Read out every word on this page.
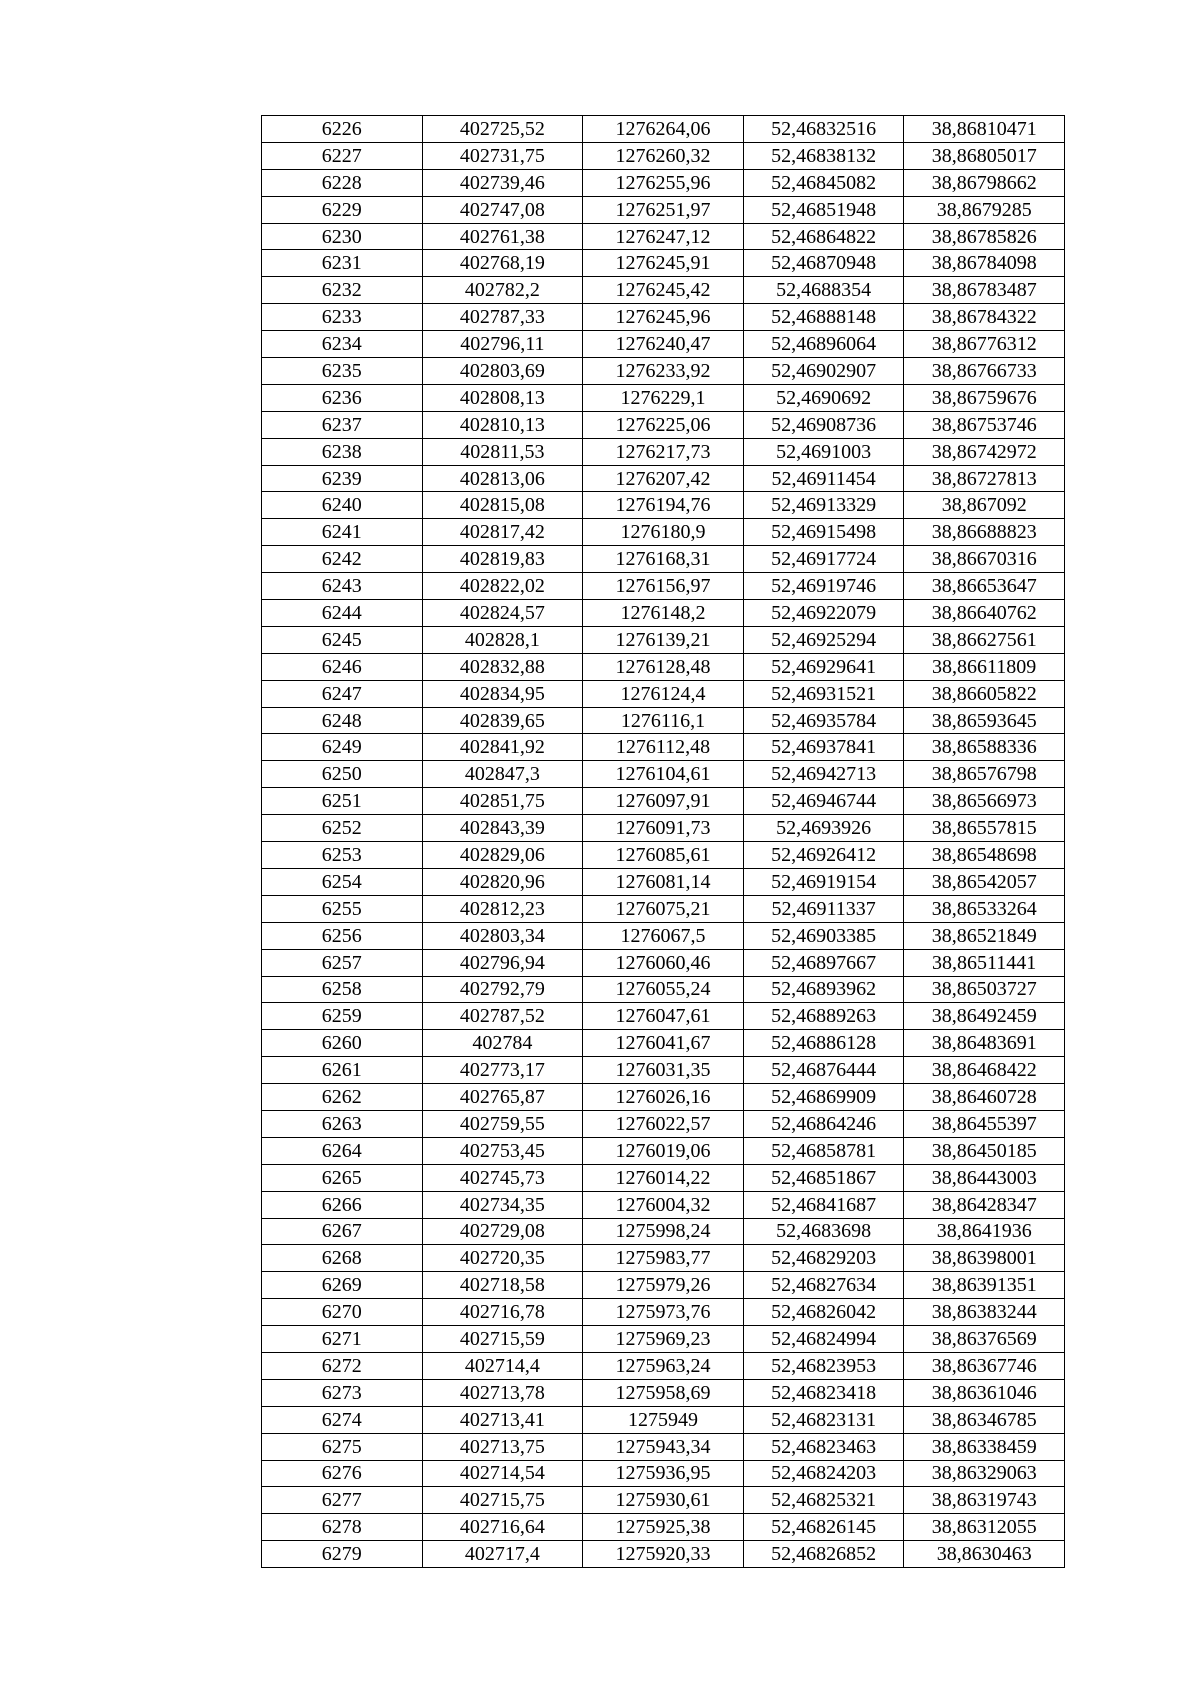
6226	402725,52	1276264,06	52,46832516	38,86810471
6227	402731,75	1276260,32	52,46838132	38,86805017
6228	402739,46	1276255,96	52,46845082	38,86798662
6229	402747,08	1276251,97	52,46851948	38,8679285
6230	402761,38	1276247,12	52,46864822	38,86785826
6231	402768,19	1276245,91	52,46870948	38,86784098
6232	402782,2	1276245,42	52,4688354	38,86783487
6233	402787,33	1276245,96	52,46888148	38,86784322
6234	402796,11	1276240,47	52,46896064	38,86776312
6235	402803,69	1276233,92	52,46902907	38,86766733
6236	402808,13	1276229,1	52,4690692	38,86759676
6237	402810,13	1276225,06	52,46908736	38,86753746
6238	402811,53	1276217,73	52,4691003	38,86742972
6239	402813,06	1276207,42	52,46911454	38,86727813
6240	402815,08	1276194,76	52,46913329	38,867092
6241	402817,42	1276180,9	52,46915498	38,86688823
6242	402819,83	1276168,31	52,46917724	38,86670316
6243	402822,02	1276156,97	52,46919746	38,86653647
6244	402824,57	1276148,2	52,46922079	38,86640762
6245	402828,1	1276139,21	52,46925294	38,86627561
6246	402832,88	1276128,48	52,46929641	38,86611809
6247	402834,95	1276124,4	52,46931521	38,86605822
6248	402839,65	1276116,1	52,46935784	38,86593645
6249	402841,92	1276112,48	52,46937841	38,86588336
6250	402847,3	1276104,61	52,46942713	38,86576798
6251	402851,75	1276097,91	52,46946744	38,86566973
6252	402843,39	1276091,73	52,4693926	38,86557815
6253	402829,06	1276085,61	52,46926412	38,86548698
6254	402820,96	1276081,14	52,46919154	38,86542057
6255	402812,23	1276075,21	52,46911337	38,86533264
6256	402803,34	1276067,5	52,46903385	38,86521849
6257	402796,94	1276060,46	52,46897667	38,86511441
6258	402792,79	1276055,24	52,46893962	38,86503727
6259	402787,52	1276047,61	52,46889263	38,86492459
6260	402784	1276041,67	52,46886128	38,86483691
6261	402773,17	1276031,35	52,46876444	38,86468422
6262	402765,87	1276026,16	52,46869909	38,86460728
6263	402759,55	1276022,57	52,46864246	38,86455397
6264	402753,45	1276019,06	52,46858781	38,86450185
6265	402745,73	1276014,22	52,46851867	38,86443003
6266	402734,35	1276004,32	52,46841687	38,86428347
6267	402729,08	1275998,24	52,4683698	38,8641936
6268	402720,35	1275983,77	52,46829203	38,86398001
6269	402718,58	1275979,26	52,46827634	38,86391351
6270	402716,78	1275973,76	52,46826042	38,86383244
6271	402715,59	1275969,23	52,46824994	38,86376569
6272	402714,4	1275963,24	52,46823953	38,86367746
6273	402713,78	1275958,69	52,46823418	38,86361046
6274	402713,41	1275949	52,46823131	38,86346785
6275	402713,75	1275943,34	52,46823463	38,86338459
6276	402714,54	1275936,95	52,46824203	38,86329063
6277	402715,75	1275930,61	52,46825321	38,86319743
6278	402716,64	1275925,38	52,46826145	38,86312055
6279	402717,4	1275920,33	52,46826852	38,8630463
